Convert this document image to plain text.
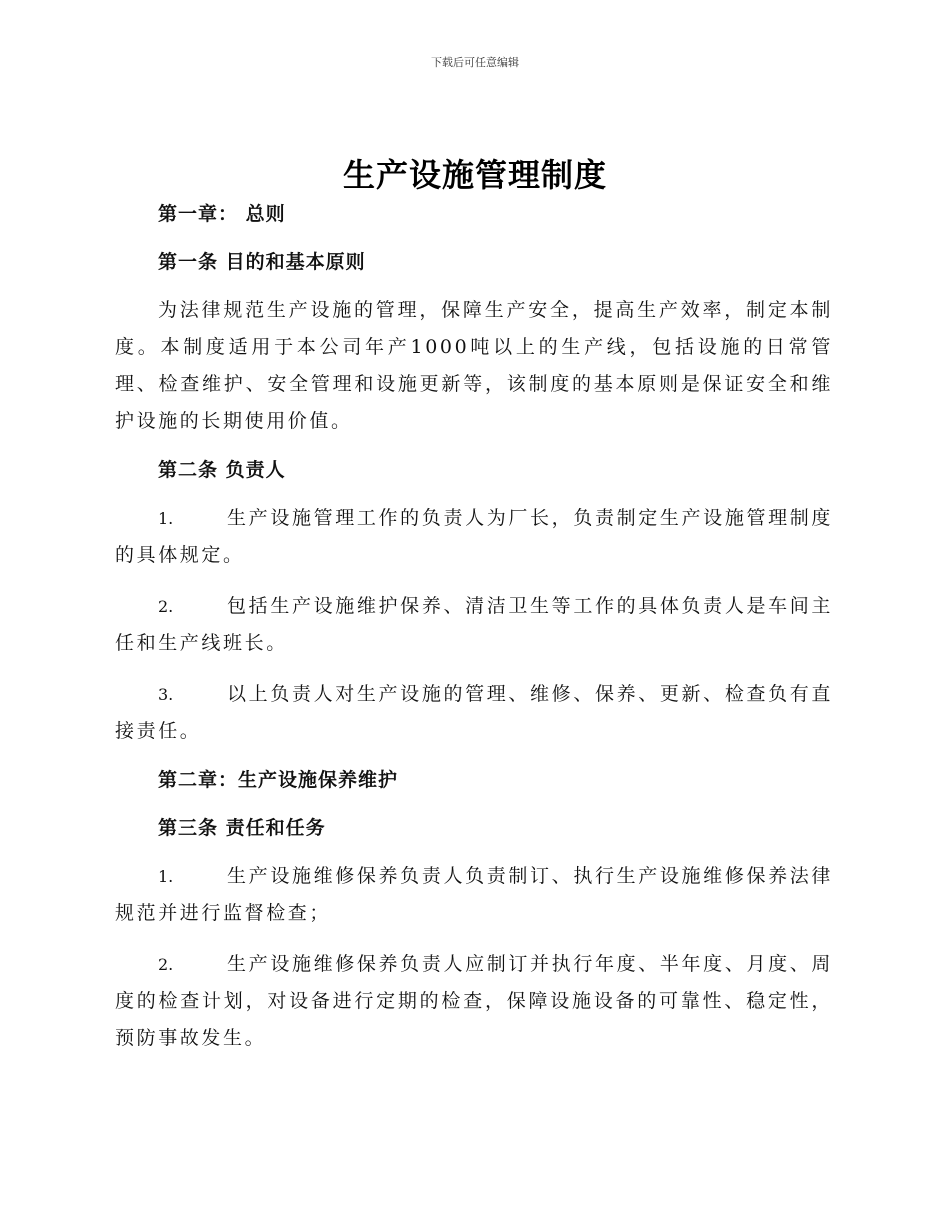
下载后可任意编辑
生产设施管理制度

第一章： 总则

第一条 目的和基本原则

为法律规范生产设施的管理，保障生产安全，提高生产效率，制定本制度。本制度适用于本公司年产1000吨以上的生产线，包括设施的日常管理、检查维护、安全管理和设施更新等，该制度的基本原则是保证安全和维护设施的长期使用价值。

第二条 负责人

1.	生产设施管理工作的负责人为厂长，负责制定生产设施管理制度的具体规定。

2.	包括生产设施维护保养、清洁卫生等工作的具体负责人是车间主任和生产线班长。

3.	以上负责人对生产设施的管理、维修、保养、更新、检查负有直接责任。

第二章：生产设施保养维护

第三条 责任和任务

1.	生产设施维修保养负责人负责制订、执行生产设施维修保养法律规范并进行监督检查；

2.	生产设施维修保养负责人应制订并执行年度、半年度、月度、周度的检查计划，对设备进行定期的检查，保障设施设备的可靠性、稳定性，预防事故发生。
